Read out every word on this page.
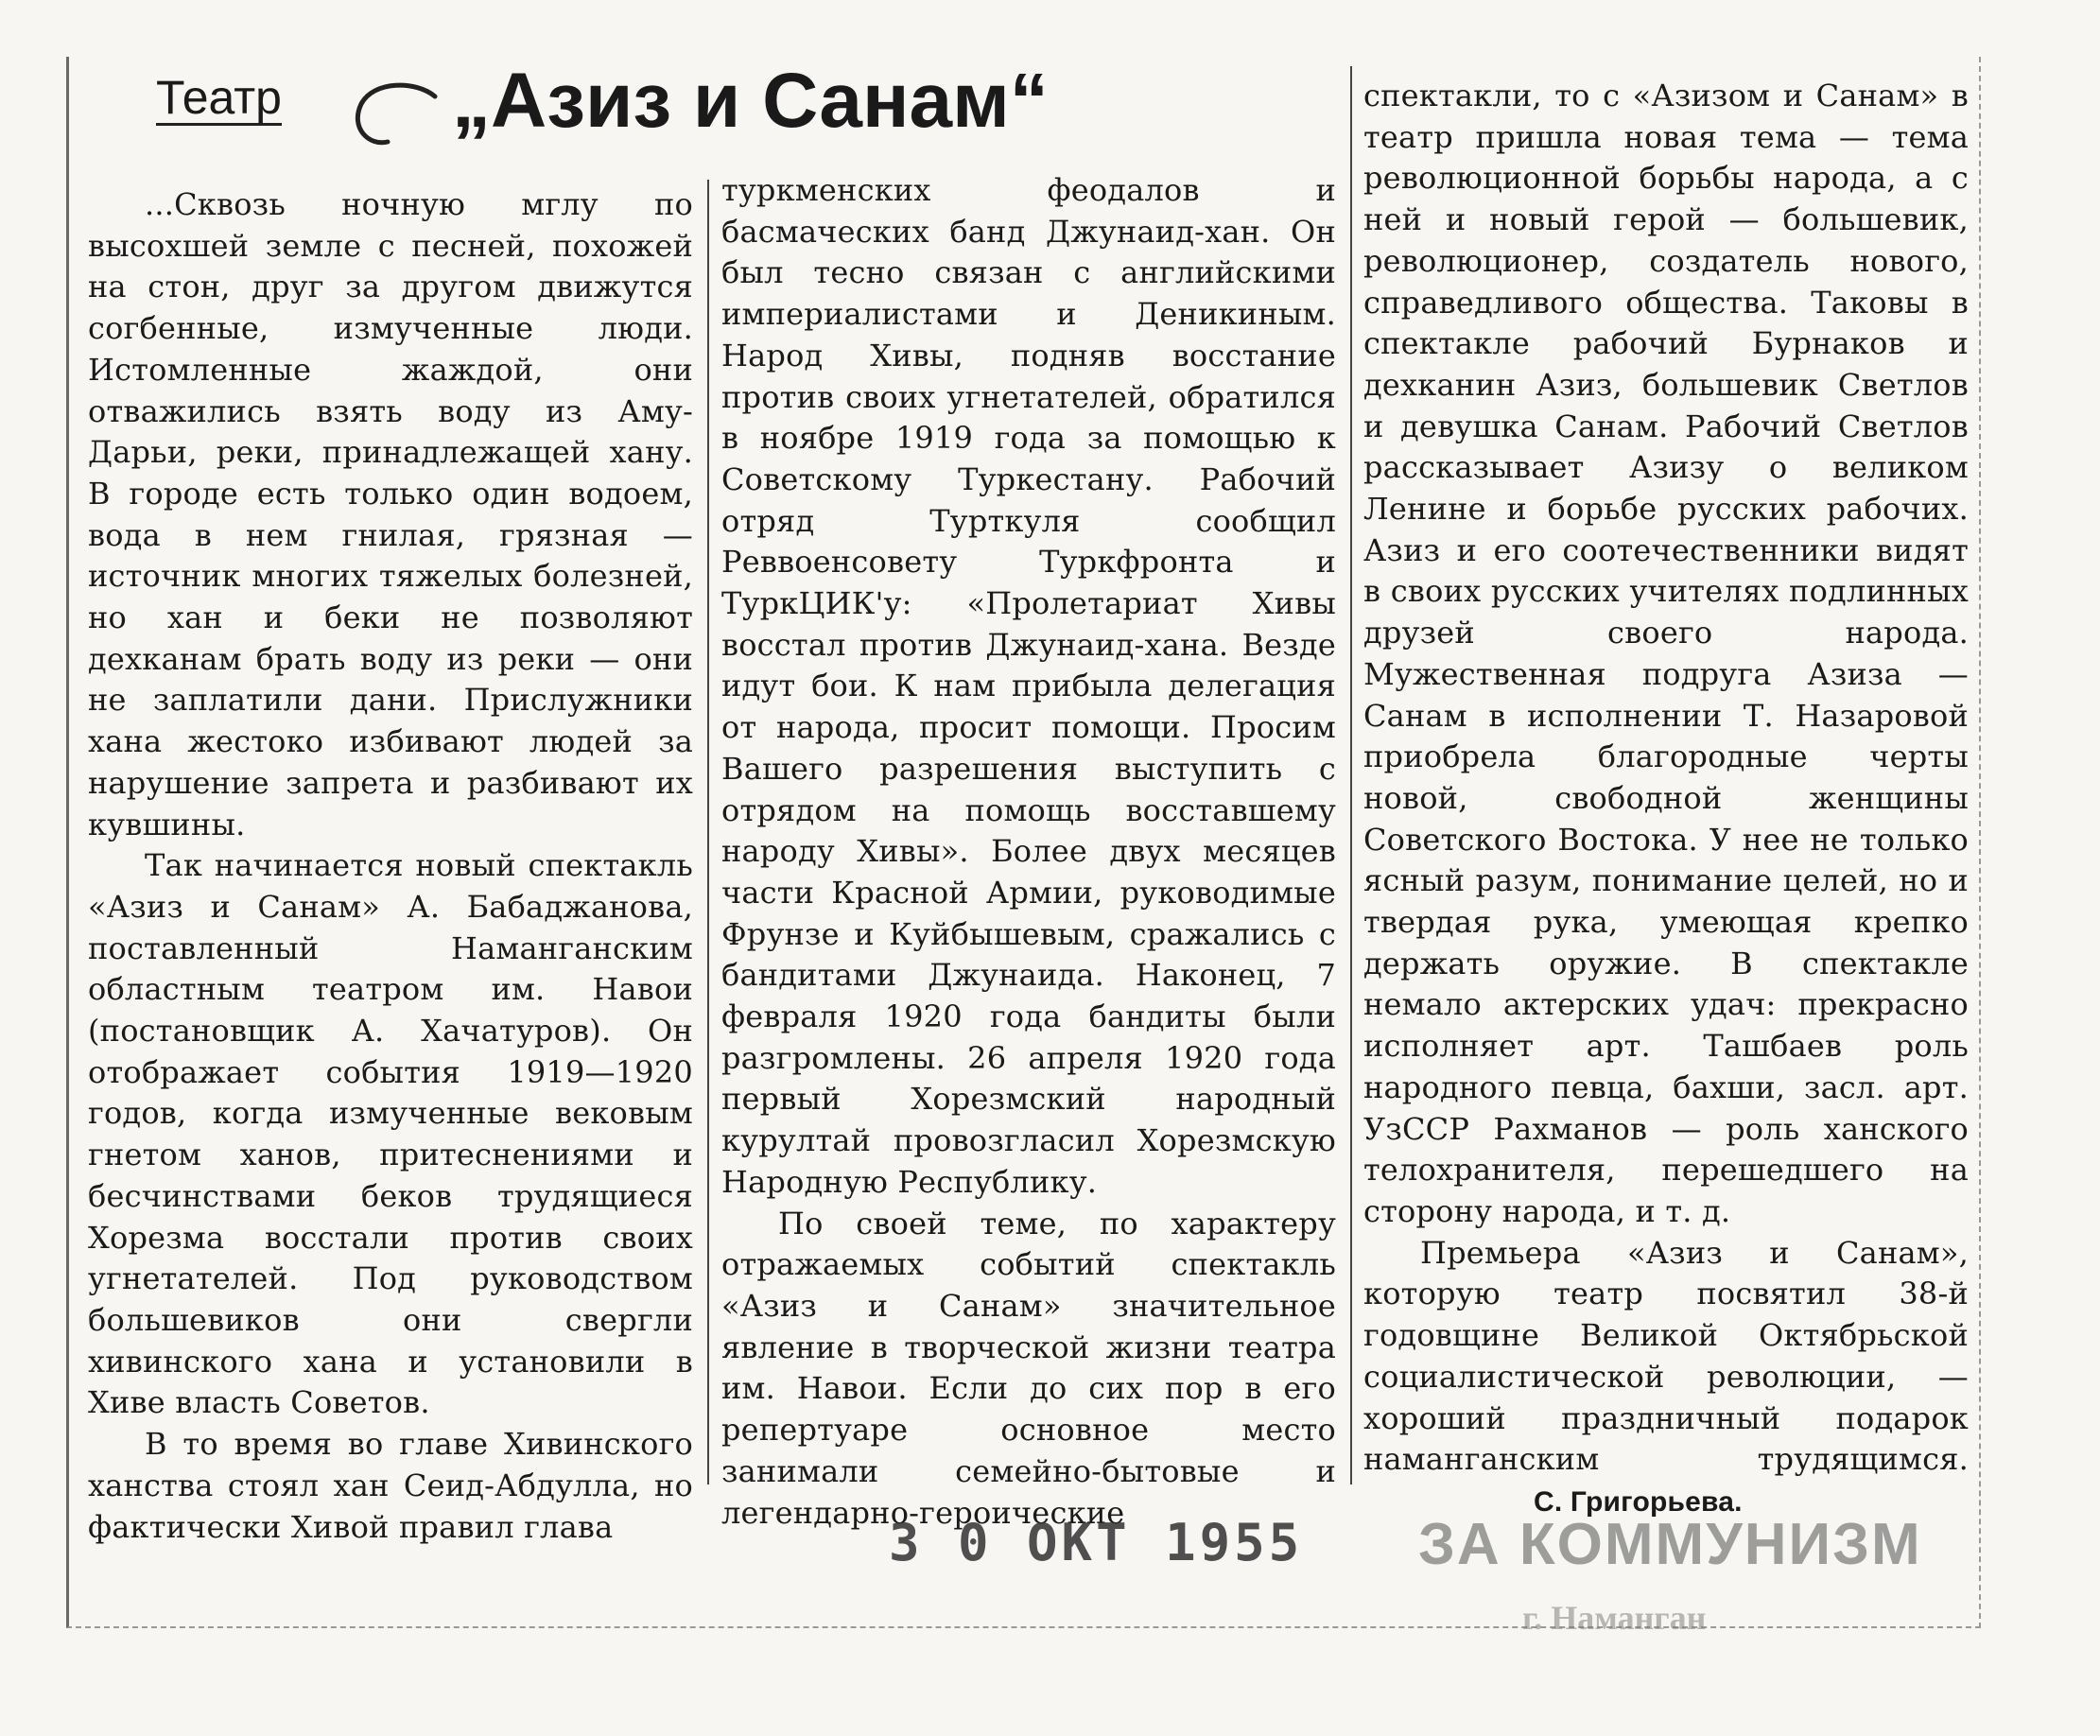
Театр „Азиз и Санам“

...Сквозь ночную мглу по высохшей земле с песней, похожей на стон, друг за другом движутся согбенные, измученные люди. Истомленные жаждой, они отважились взять воду из Аму-Дарьи, реки, принадлежащей хану. В городе есть только один водоем, вода в нем гнилая, грязная — источник многих тяжелых болезней, но хан и беки не позволяют дехканам брать воду из реки — они не заплатили дани. Прислужники хана жестоко избивают людей за нарушение запрета и разбивают их кувшины.

Так начинается новый спектакль «Азиз и Санам» А. Бабаджанова, поставленный Наманганским областным театром им. Навои (постановщик А. Хачатуров). Он отображает события 1919—1920 годов, когда измученные вековым гнетом ханов, притеснениями и бесчинствами беков трудящиеся Хорезма восстали против своих угнетателей. Под руководством большевиков они свергли хивинского хана и установили в Хиве власть Советов.

В то время во главе Хивинского ханства стоял хан Сеид-Абдулла, но фактически Хивой правил глава

туркменских феодалов и басмаческих банд Джунаид-хан. Он был тесно связан с английскими империалистами и Деникиным. Народ Хивы, подняв восстание против своих угнетателей, обратился в ноябре 1919 года за помощью к Советскому Туркестану. Рабочий отряд Турткуля сообщил Реввоенсовету Туркфронта и ТуркЦИК'у: «Пролетариат Хивы восстал против Джунаид-хана. Везде идут бои. К нам прибыла делегация от народа, просит помощи. Просим Вашего разрешения выступить с отрядом на помощь восставшему народу Хивы». Более двух месяцев части Красной Армии, руководимые Фрунзе и Куйбышевым, сражались с бандитами Джунаида. Наконец, 7 февраля 1920 года бандиты были разгромлены. 26 апреля 1920 года первый Хорезмский народный курултай провозгласил Хорезмскую Народную Республику.

По своей теме, по характеру отражаемых событий спектакль «Азиз и Санам» значительное явление в творческой жизни театра им. Навои. Если до сих пор в его репертуаре основное место занимали семейно-бытовые и легендарно-героические

спектакли, то с «Азизом и Санам» в театр пришла новая тема — тема революционной борьбы народа, а с ней и новый герой — большевик, революционер, создатель нового, справедливого общества. Таковы в спектакле рабочий Бурнаков и дехканин Азиз, большевик Светлов и девушка Санам. Рабочий Светлов рассказывает Азизу о великом Ленине и борьбе русских рабочих. Азиз и его соотечественники видят в своих русских учителях подлинных друзей своего народа. Мужественная подруга Азиза — Санам в исполнении Т. Назаровой приобрела благородные черты новой, свободной женщины Советского Востока. У нее не только ясный разум, понимание целей, но и твердая рука, умеющая крепко держать оружие. В спектакле немало актерских удач: прекрасно исполняет арт. Ташбаев роль народного певца, бахши, засл. арт. УзССР Рахманов — роль ханского телохранителя, перешедшего на сторону народа, и т. д.

Премьера «Азиз и Санам», которую театр посвятил 38-й годовщине Великой Октябрьской социалистической революции, — хороший праздничный подарок наманганским трудящимся.С. Григорьева.

3 0 ОКТ 1955 ЗА КОММУНИЗМ
г. Наманган
